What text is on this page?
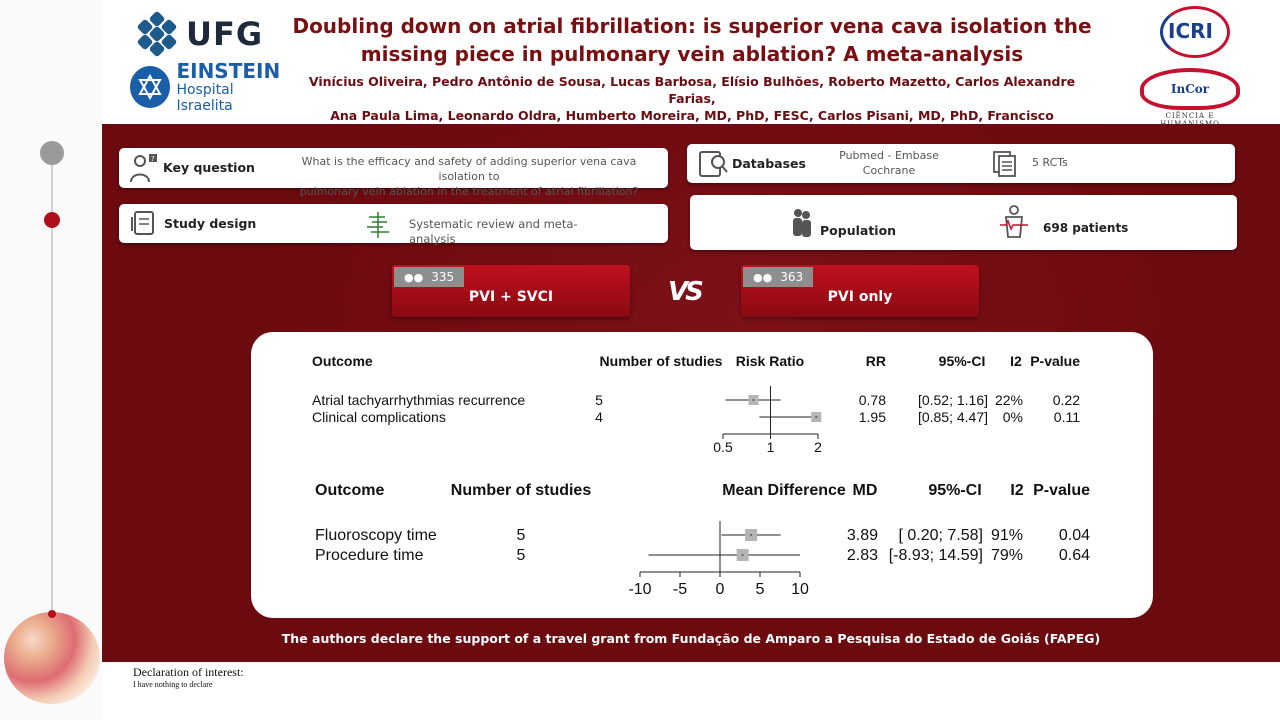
UFG
EINSTEIN
Hospital Israelita
Doubling down on atrial fibrillation: is superior vena cava isolation the
missing piece in pulmonary vein ablation? A meta-analysis
Vinícius Oliveira, Pedro Antônio de Sousa, Lucas Barbosa, Elísio Bulhões, Roberto Mazetto, Carlos Alexandre Farias,
Ana Paula Lima, Leonardo Oldra, Humberto Moreira, MD, PhD, FESC, Carlos Pisani, MD, PhD, Francisco
ICRI
InCor
CIÊNCIA E
?
Key question	What is the efficacy and safety of adding superior vena cava isolation to
pulmonary vein ablation in the treatment of atrial fibrillation?
Study design	Systematic review and meta-analysis
Databases
Pubmed - Embase
Cochrane
5 RCTs
Population	698 patients
●● 335
PVI + SVCI	VS	●● 363
PVI only
Outcome	Number of studies Risk Ratio	RR	95%-CI I2 P-value
0.5 1	2
Atrial tachyarrhythmias recurrence	5	0.78 [0.52; 1.16] 22% 0.22
Clinical complications	4	1.95 [0.85; 4.47] 0% 0.11
Outcome	Number of studies	Mean Difference MD	95%-CI I2 P-value
-10 -5 0 5 10
Fluoroscopy time	5	3.89 [ 0.20; 7.58] 91% 0.04
Procedure time	5	2.83 [-8.93; 14.59] 79% 0.64
The authors declare the support of a travel grant from Fundação de Amparo a Pesquisa do Estado de Goiás (FAPEG)
Declaration of interest:
I have nothing to declare
